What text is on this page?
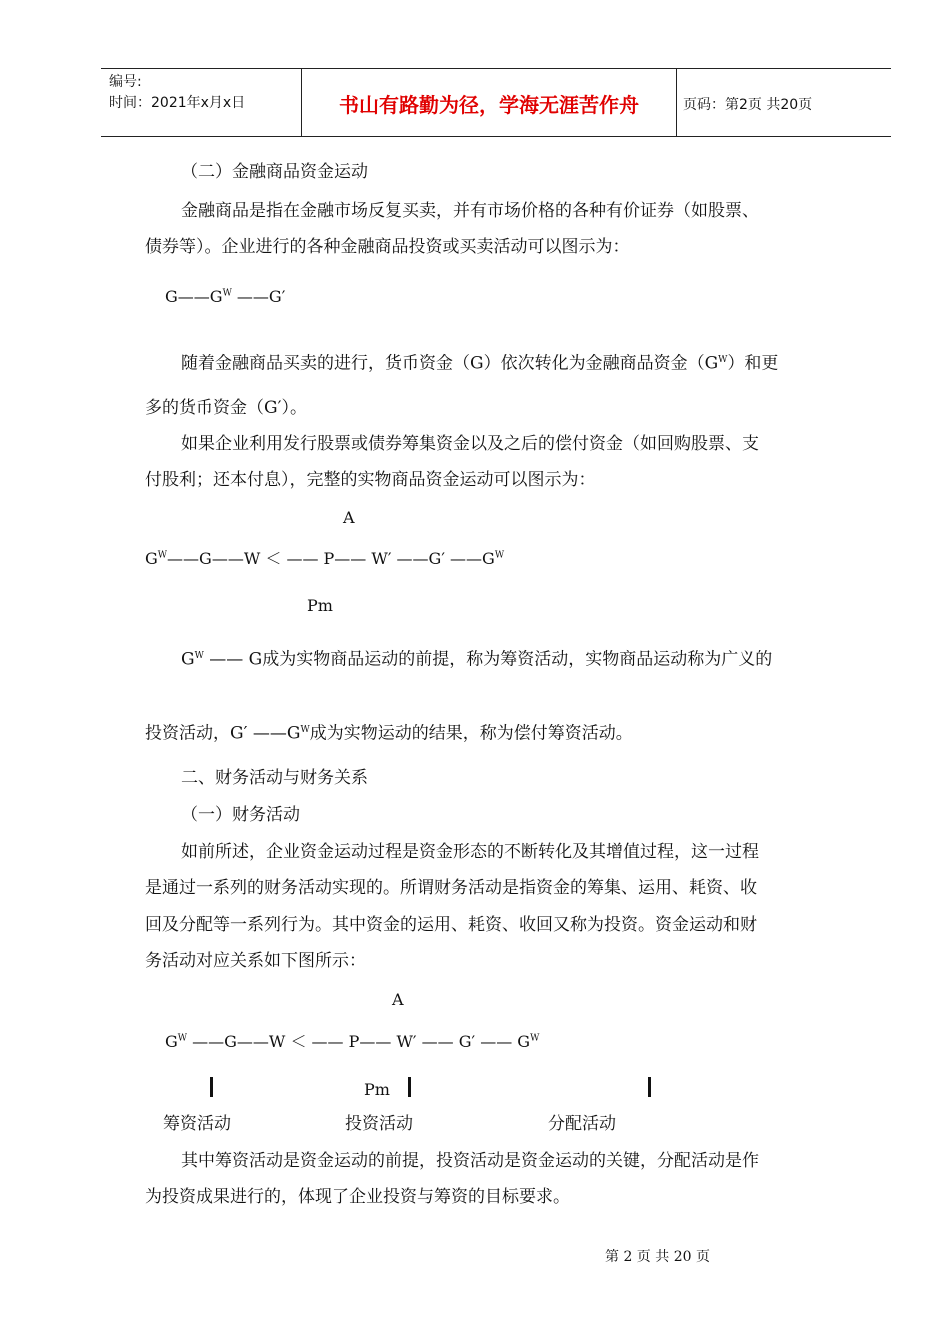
编号:
时间：2021年x月x日	书山有路勤为径，学海无涯苦作舟	页码：第2页 共20页
（二）金融商品资金运动
金融商品是指在金融市场反复买卖，并有市场价格的各种有价证券（如股票、
债券等）。企业进行的各种金融商品投资或买卖活动可以图示为：
$G——G^W$ ——G′
随着金融商品买卖的进行，货币资金（G）依次转化为金融商品资金$(G^W)$和更
多的货币资金（G′）。
如果企业利用发行股票或债券筹集资金以及之后的偿付资金（如回购股票、支
付股利；还本付息），完整的实物商品资金运动可以图示为：
A
$G^W——G——W$ ＜ —— P—— W′ ——G′ $——G^W$
Pm
$G^W$ —— G成为实物商品运动的前提，称为筹资活动，实物商品运动称为广义的
投资活动，G′ $——G^W$成为实物运动的结果，称为偿付筹资活动。
二、财务活动与财务关系
（一）财务活动
如前所述，企业资金运动过程是资金形态的不断转化及其增值过程，这一过程
是通过一系列的财务活动实现的。所谓财务活动是指资金的筹集、运用、耗资、收
回及分配等一系列行为。其中资金的运用、耗资、收回又称为投资。资金运动和财
务活动对应关系如下图所示：
A
$G^W$ ——G——W ＜ —— P—— W′ —— G′ —— $G^W$
Pm
筹资活动	投资活动	分配活动
其中筹资活动是资金运动的前提，投资活动是资金运动的关键，分配活动是作
为投资成果进行的，体现了企业投资与筹资的目标要求。
第 2 页 共 20 页
